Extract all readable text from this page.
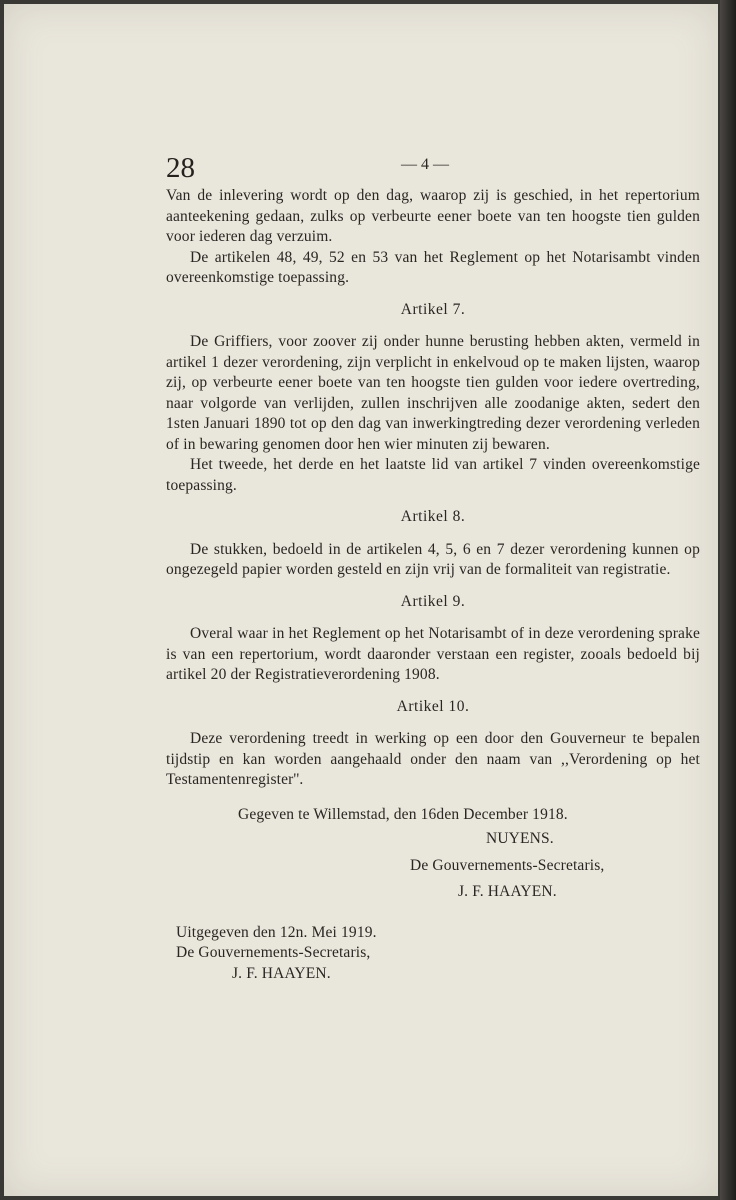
28	— 4 —

Van de inlevering wordt op den dag, waarop zij is geschied, in het repertorium aanteekening gedaan, zulks op verbeurte eener boete van ten hoogste tien gulden voor iederen dag verzuim.

De artikelen 48, 49, 52 en 53 van het Reglement op het Notarisambt vinden overeenkomstige toepassing.

Artikel 7.

De Griffiers, voor zoover zij onder hunne berusting hebben akten, vermeld in artikel 1 dezer verordening, zijn verplicht in enkelvoud op te maken lijsten, waarop zij, op verbeurte eener boete van ten hoogste tien gulden voor iedere overtreding, naar volgorde van verlijden, zullen inschrijven alle zoodanige akten, sedert den 1sten Januari 1890 tot op den dag van inwerkingtreding dezer verordening verleden of in bewaring genomen door hen wier minuten zij bewaren.

Het tweede, het derde en het laatste lid van artikel 7 vinden overeenkomstige toepassing.

Artikel 8.

De stukken, bedoeld in de artikelen 4, 5, 6 en 7 dezer verordening kunnen op ongezegeld papier worden gesteld en zijn vrij van de formaliteit van registratie.

Artikel 9.

Overal waar in het Reglement op het Notarisambt of in deze verordening sprake is van een repertorium, wordt daaronder verstaan een register, zooals bedoeld bij artikel 20 der Registratieverordening 1908.

Artikel 10.

Deze verordening treedt in werking op een door den Gouverneur te bepalen tijdstip en kan worden aangehaald onder den naam van ,,Verordening op het Testamentenregister''.

Gegeven te Willemstad, den 16den December 1918.
NUYENS.
De Gouvernements-Secretaris,
J. F. HAAYEN.
Uitgegeven den 12n. Mei 1919.
De Gouvernements-Secretaris,
J. F. HAAYEN.
